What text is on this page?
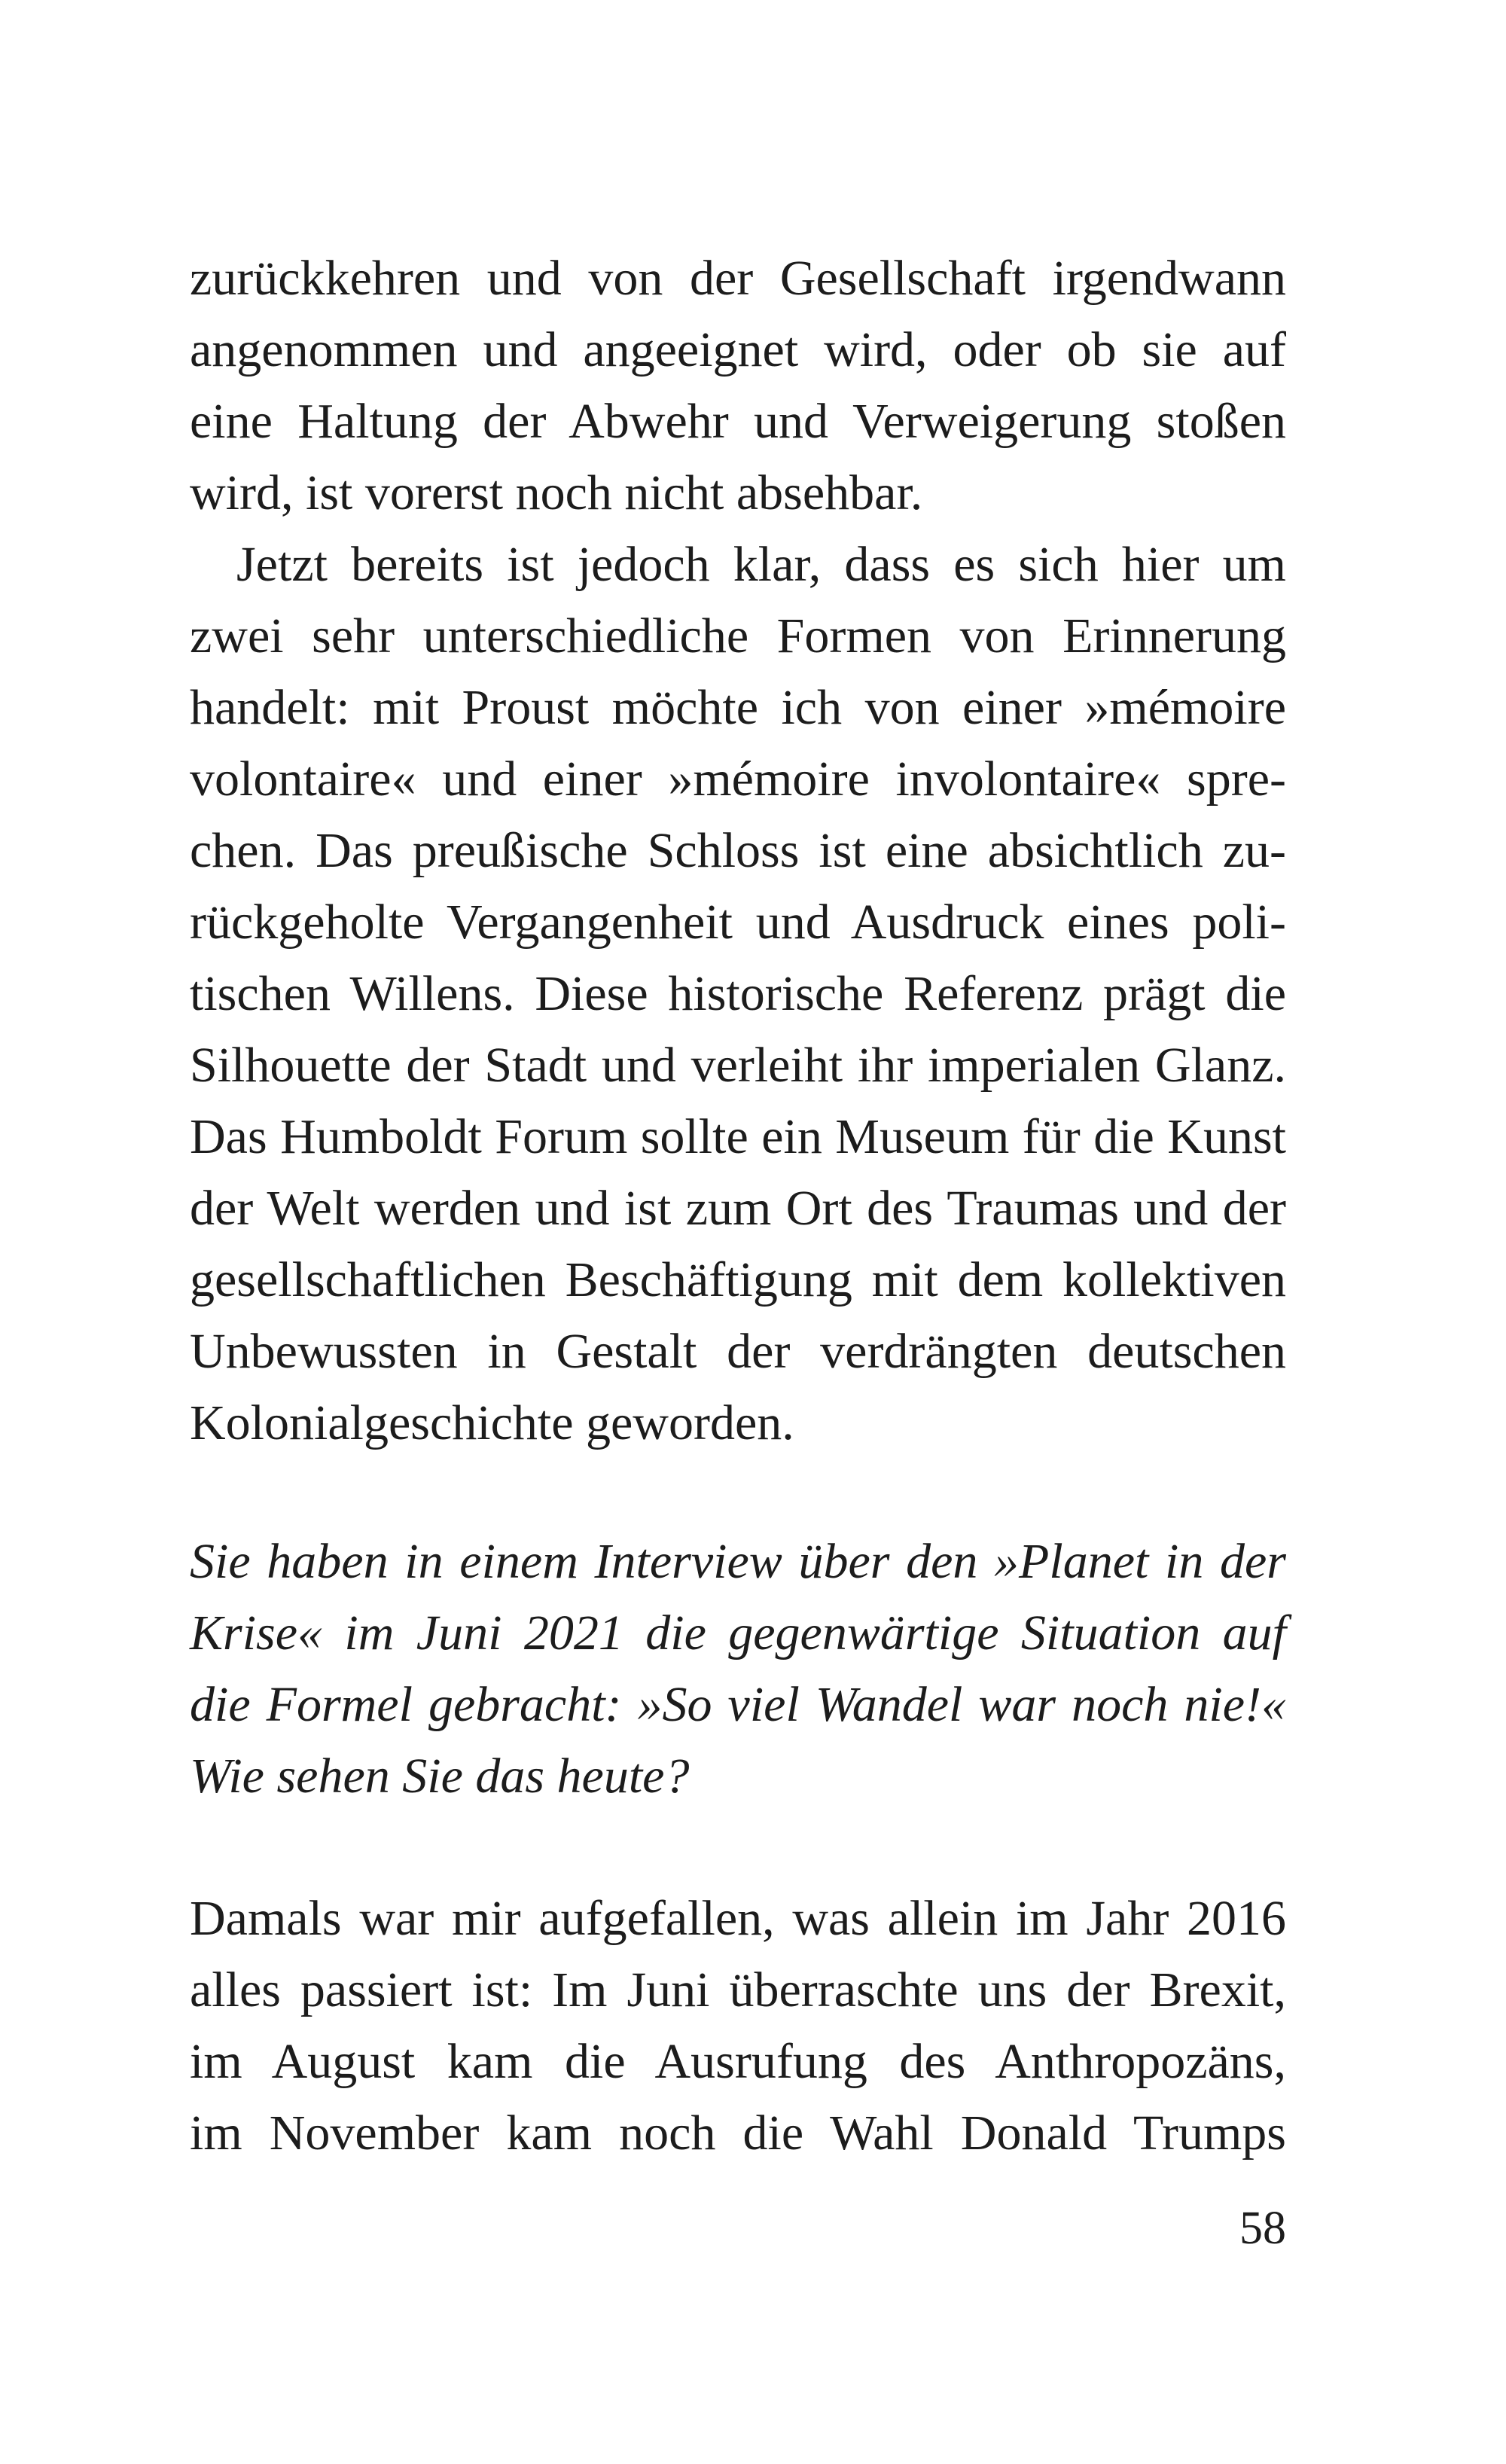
zurückkehren und von der Gesellschaft irgendwann
angenommen und angeeignet wird, oder ob sie auf
eine Haltung der Abwehr und Verweigerung stoßen
wird, ist vorerst noch nicht absehbar.
Jetzt bereits ist jedoch klar, dass es sich hier um
zwei sehr unterschiedliche Formen von Erinnerung
handelt: mit Proust möchte ich von einer »mémoire
volontaire« und einer »mémoire involontaire« spre-
chen. Das preußische Schloss ist eine absichtlich zu-
rückgeholte Vergangenheit und Ausdruck eines poli-
tischen Willens. Diese historische Referenz prägt die
Silhouette der Stadt und verleiht ihr imperialen Glanz.
Das Humboldt Forum sollte ein Museum für die Kunst
der Welt werden und ist zum Ort des Traumas und der
gesellschaftlichen Beschäftigung mit dem kollektiven
Unbewussten in Gestalt der verdrängten deutschen
Kolonialgeschichte geworden.
Sie haben in einem Interview über den »Planet in der
Krise« im Juni 2021 die gegenwärtige Situation auf
die Formel gebracht: »So viel Wandel war noch nie!«
Wie sehen Sie das heute?
Damals war mir aufgefallen, was allein im Jahr 2016
alles passiert ist: Im Juni überraschte uns der Brexit,
im August kam die Ausrufung des Anthropozäns,
im November kam noch die Wahl Donald Trumps
58
